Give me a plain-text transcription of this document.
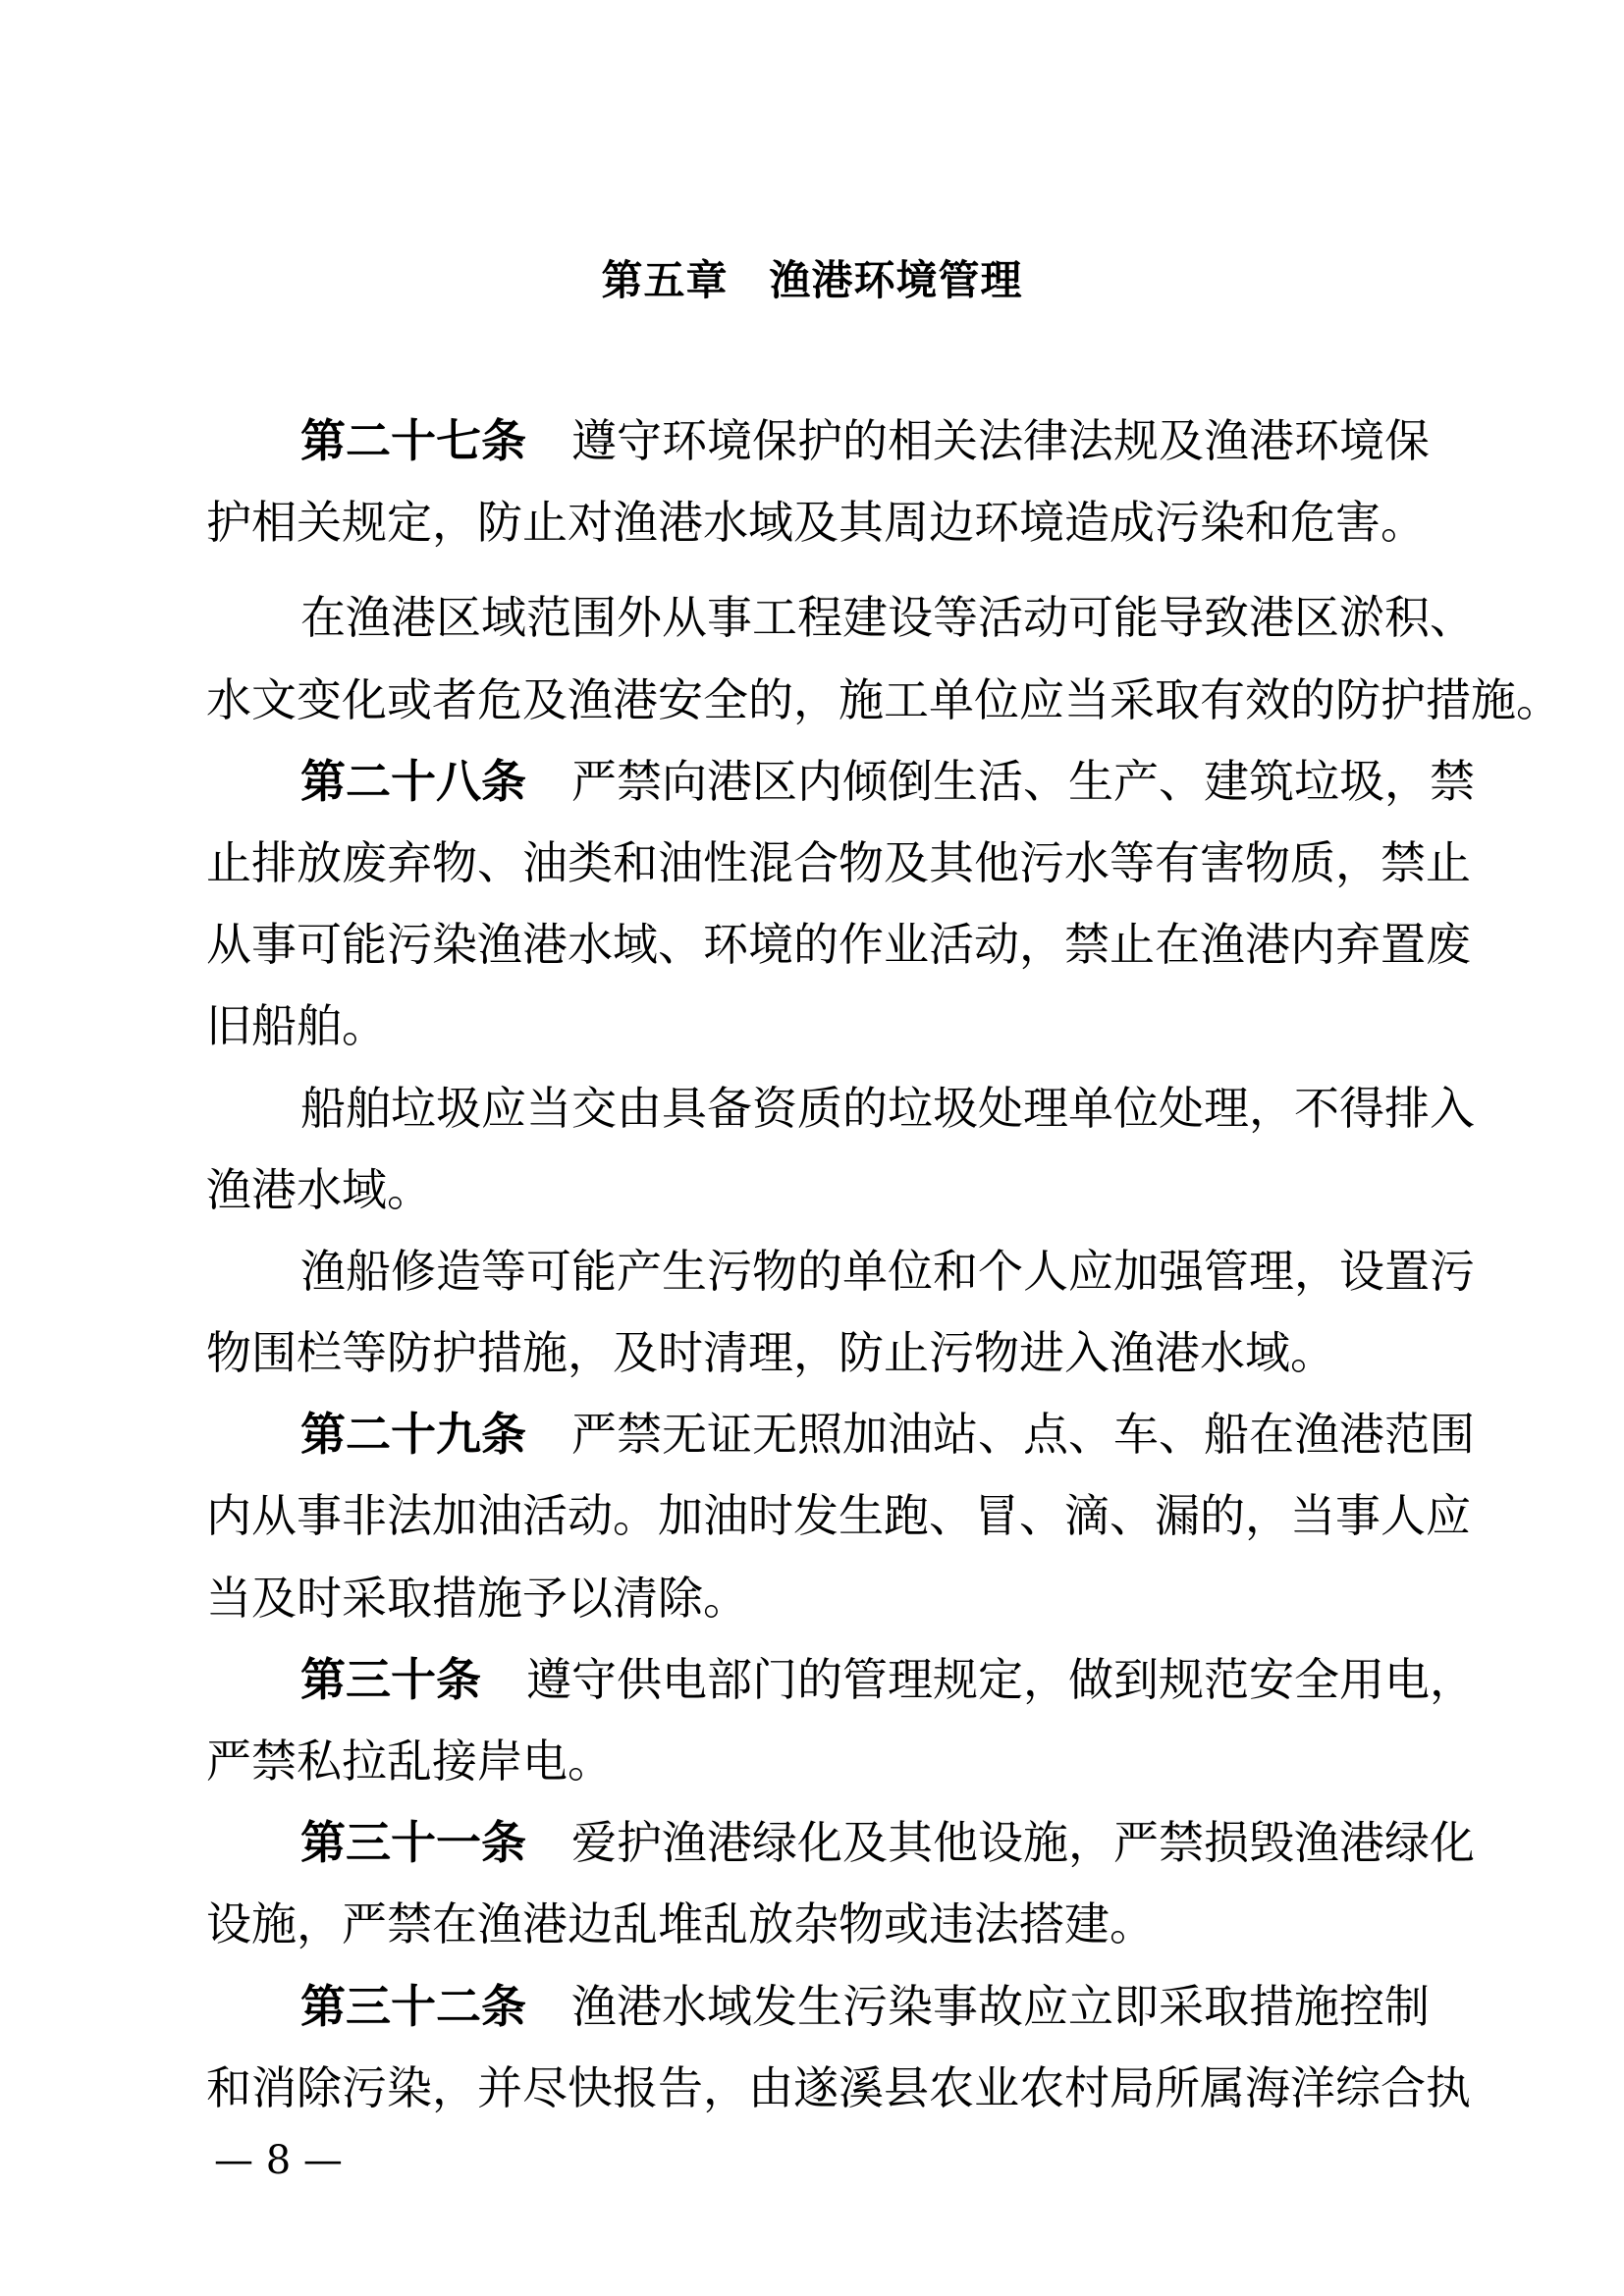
第五章 渔港环境管理
第二十七条 遵守环境保护的相关法律法规及渔港环境保
护相关规定，防止对渔港水域及其周边环境造成污染和危害。
在渔港区域范围外从事工程建设等活动可能导致港区淤积、
水文变化或者危及渔港安全的，施工单位应当采取有效的防护措施。
第二十八条 严禁向港区内倾倒生活、生产、建筑垃圾，禁
止排放废弃物、油类和油性混合物及其他污水等有害物质，禁止
从事可能污染渔港水域、环境的作业活动，禁止在渔港内弃置废
旧船舶。
船舶垃圾应当交由具备资质的垃圾处理单位处理，不得排入
渔港水域。
渔船修造等可能产生污物的单位和个人应加强管理，设置污
物围栏等防护措施，及时清理，防止污物进入渔港水域。
第二十九条 严禁无证无照加油站、点、车、船在渔港范围
内从事非法加油活动。加油时发生跑、冒、滴、漏的，当事人应
当及时采取措施予以清除。
第三十条 遵守供电部门的管理规定，做到规范安全用电，
严禁私拉乱接岸电。
第三十一条 爱护渔港绿化及其他设施，严禁损毁渔港绿化
设施，严禁在渔港边乱堆乱放杂物或违法搭建。
第三十二条 渔港水域发生污染事故应立即采取措施控制
和消除污染，并尽快报告，由遂溪县农业农村局所属海洋综合执
— 8 —
